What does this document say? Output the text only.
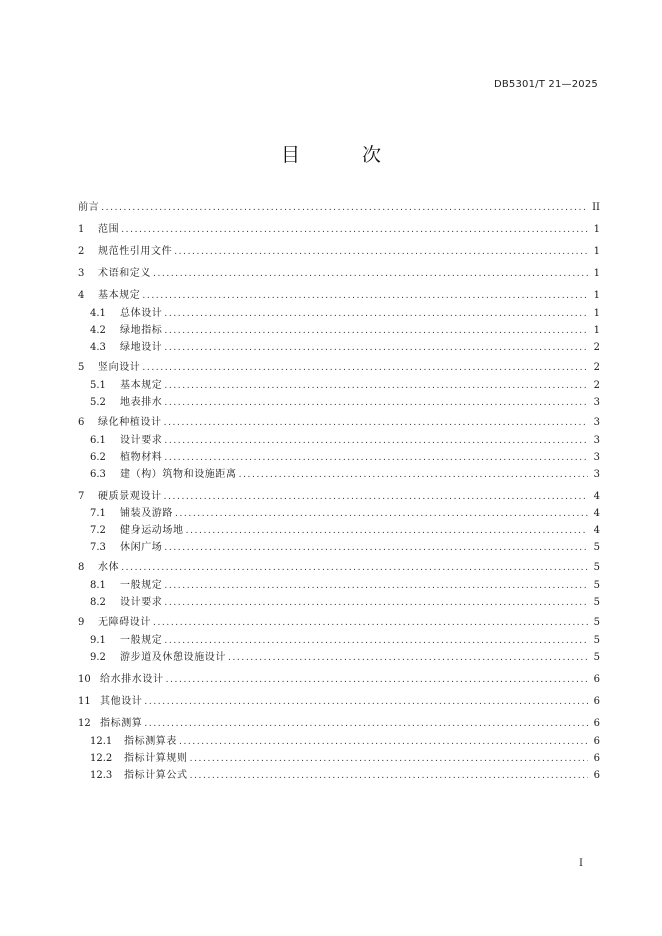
DB5301/T 21—2025
目 次
前言 .....	II
1	范围 .....	1
2	规范性引用文件 .....	1
3	术语和定义 .....	1
4	基本规定 .....	1
4.1	总体设计 .....	1
4.2	绿地指标 .....	1
4.3	绿地设计 .....	2
5	竖向设计 .....	2
5.1	基本规定 .....	2
5.2	地表排水 .....	3
6	绿化种植设计 .....	3
6.1	设计要求 .....	3
6.2	植物材料 .....	3
6.3	建（构）筑物和设施距离 .....	3
7	硬质景观设计 .....	4
7.1	铺装及游路 .....	4
7.2	健身运动场地 .....	4
7.3	休闲广场 .....	5
8	水体 .....	5
8.1	一般规定 .....	5
8.2	设计要求 .....	5
9	无障碍设计 .....	5
9.1	一般规定 .....	5
9.2	游步道及休憩设施设计 .....	5
10 给水排水设计 .....	6
11 其他设计 .....	6
12 指标测算 .....	6
12.1	指标测算表 .....	6
12.2	指标计算规则 .....	6
12.3	指标计算公式 .....	6
I
